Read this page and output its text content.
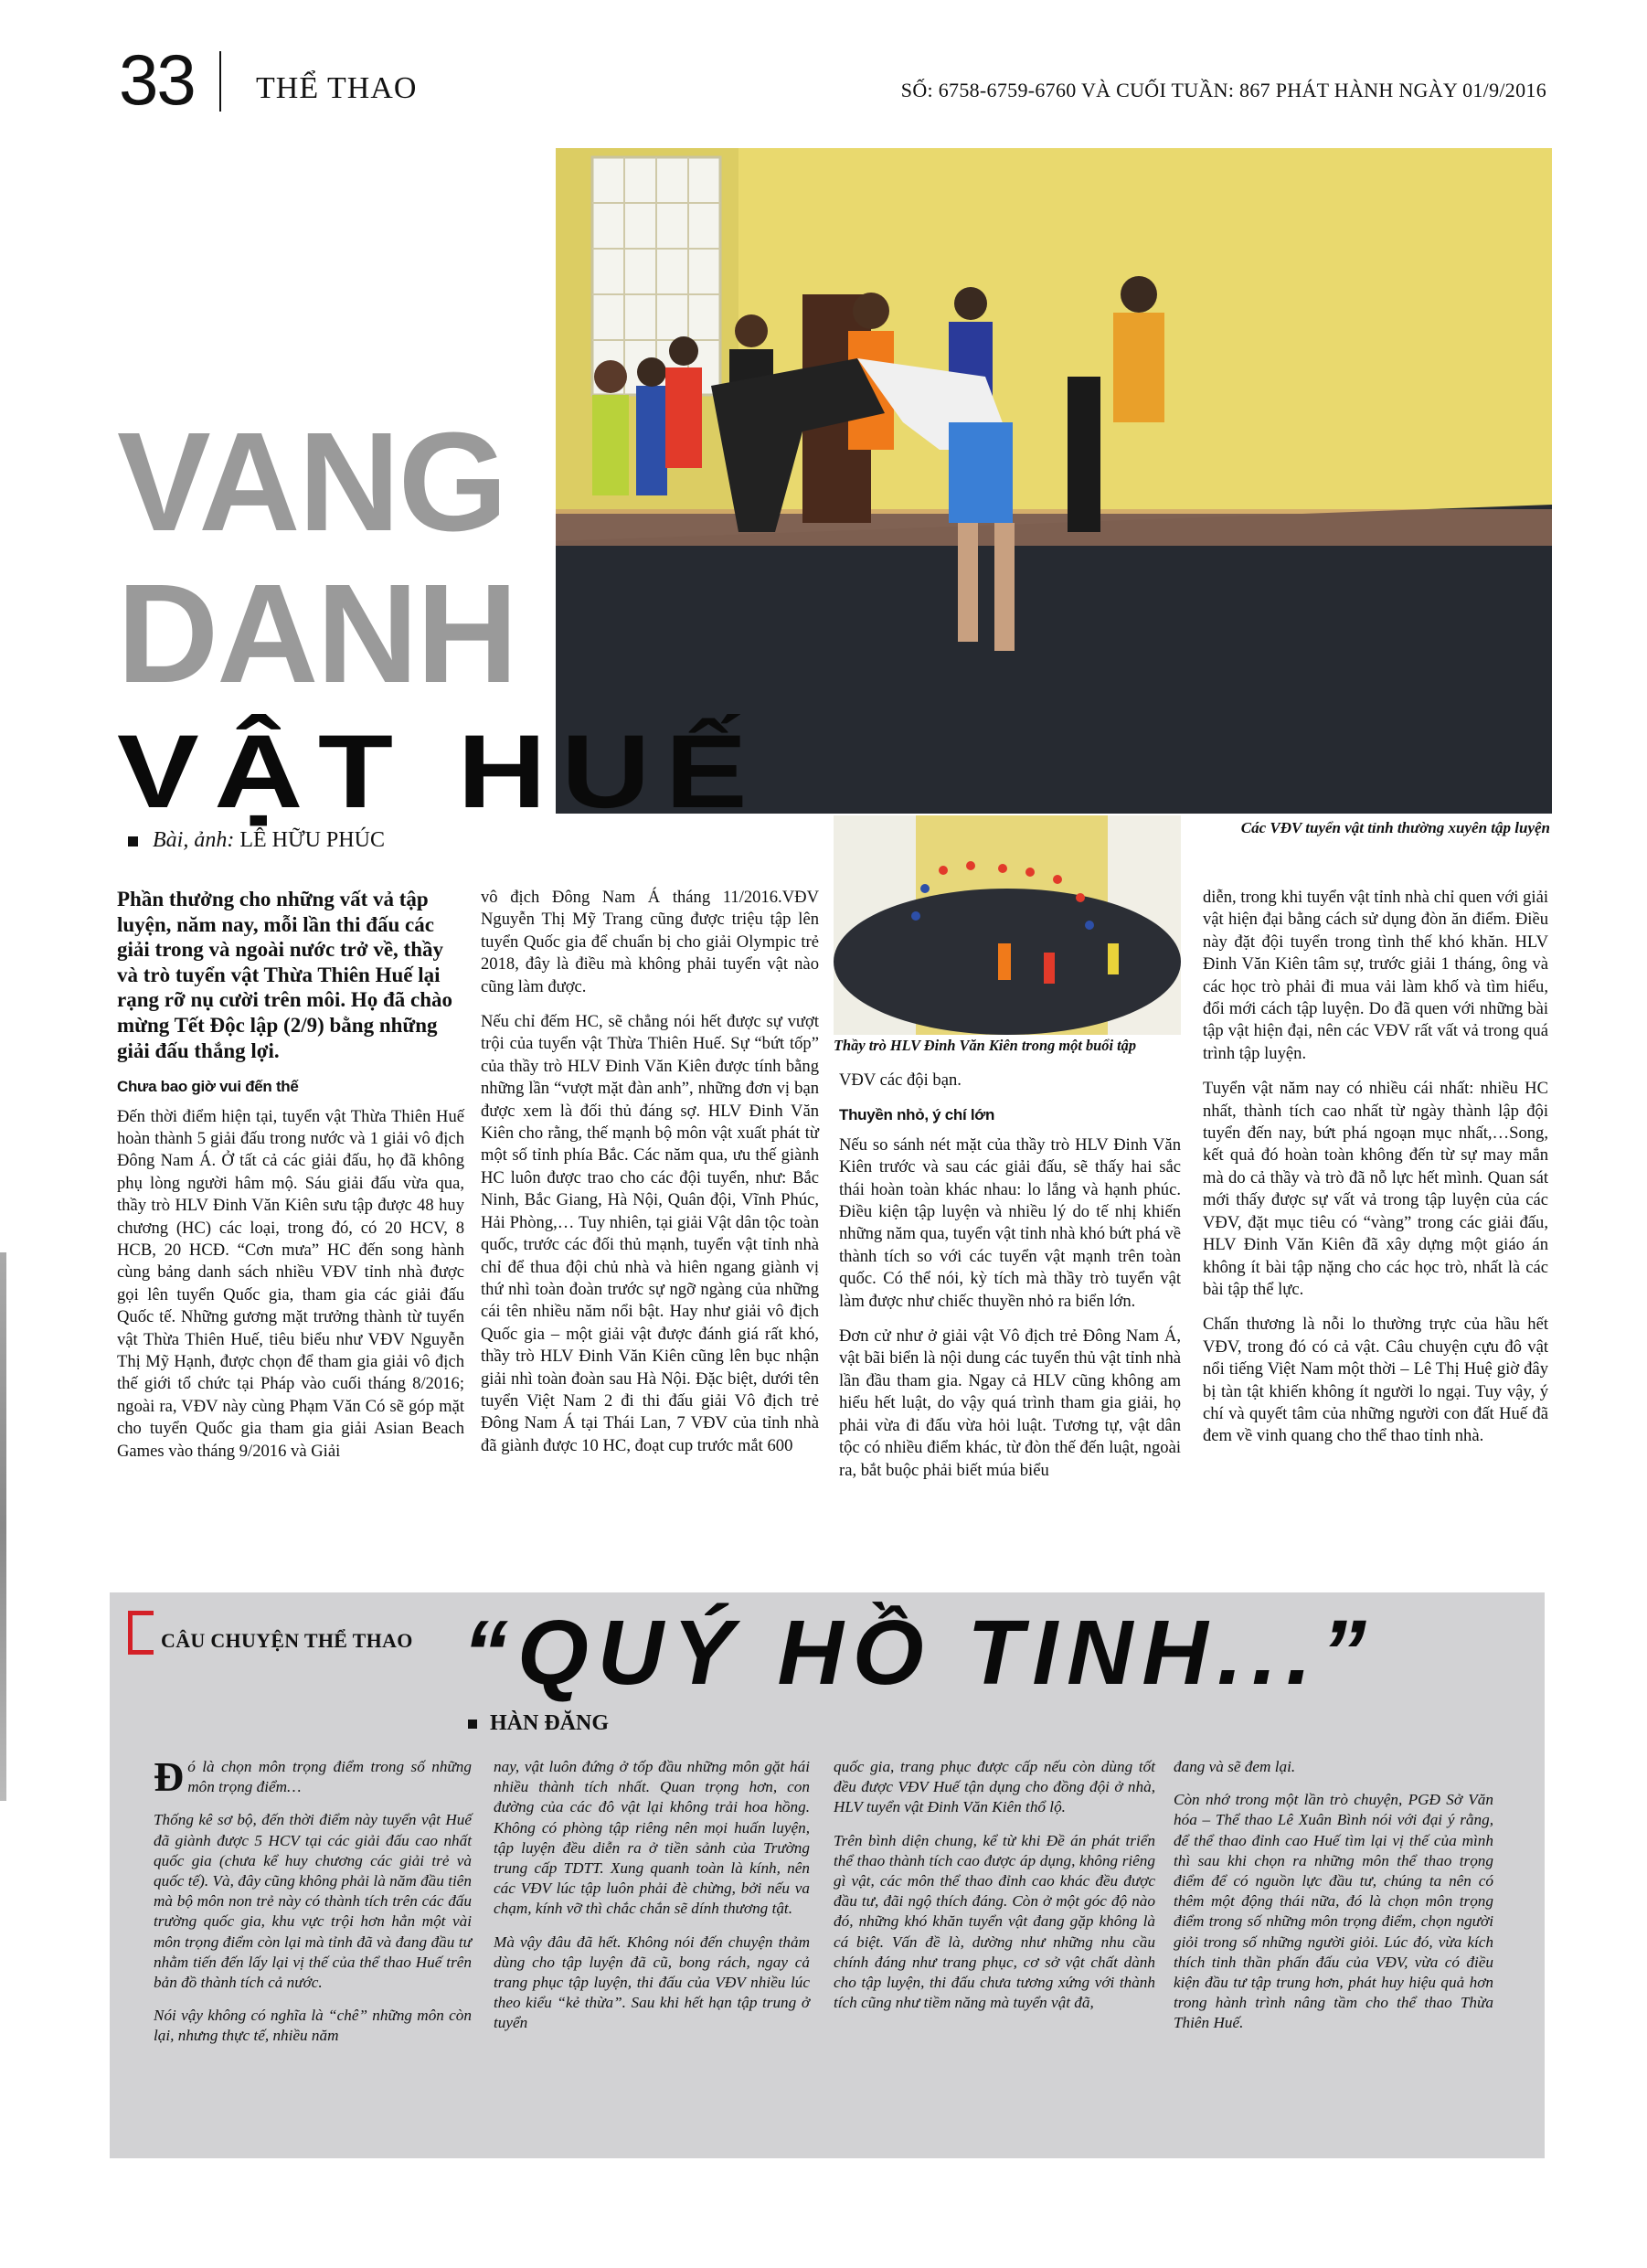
33 THỂ THAO	SỐ: 6758-6759-6760 VÀ CUỐI TUẦN: 867 PHÁT HÀNH NGÀY 01/9/2016
Các VĐV tuyển vật tỉnh thường xuyên tập luyện
VANG
DANH
VẬT HUẾ
Bài, ảnh: LÊ HỮU PHÚC
Thầy trò HLV Đinh Văn Kiên trong một buổi tập

Phần thưởng cho những vất vả tập luyện, năm nay, mỗi lần thi đấu các giải trong và ngoài nước trở về, thầy và trò tuyển vật Thừa Thiên Huế lại rạng rỡ nụ cười trên môi. Họ đã chào mừng Tết Độc lập (2/9) bằng những giải đấu thắng lợi.

Chưa bao giờ vui đến thế

Đến thời điểm hiện tại, tuyển vật Thừa Thiên Huế hoàn thành 5 giải đấu trong nước và 1 giải vô địch Đông Nam Á. Ở tất cả các giải đấu, họ đã không phụ lòng người hâm mộ. Sáu giải đấu vừa qua, thầy trò HLV Đinh Văn Kiên sưu tập được 48 huy chương (HC) các loại, trong đó, có 20 HCV, 8 HCB, 20 HCĐ. “Cơn mưa” HC đến song hành cùng bảng danh sách nhiều VĐV tỉnh nhà được gọi lên tuyển Quốc gia, tham gia các giải đấu Quốc tế. Những gương mặt trưởng thành từ tuyển vật Thừa Thiên Huế, tiêu biểu như VĐV Nguyễn Thị Mỹ Hạnh, được chọn để tham gia giải vô địch thế giới tổ chức tại Pháp vào cuối tháng 8/2016; ngoài ra, VĐV này cùng Phạm Văn Có sẽ góp mặt cho tuyển Quốc gia tham gia giải Asian Beach Games vào tháng 9/2016 và Giải

vô địch Đông Nam Á tháng 11/2016.VĐV Nguyễn Thị Mỹ Trang cũng được triệu tập lên tuyển Quốc gia để chuẩn bị cho giải Olympic trẻ 2018, đây là điều mà không phải tuyển vật nào cũng làm được.

Nếu chỉ đếm HC, sẽ chẳng nói hết được sự vượt trội của tuyển vật Thừa Thiên Huế. Sự “bứt tốp” của thầy trò HLV Đinh Văn Kiên được tính bằng những lần “vượt mặt đàn anh”, những đơn vị bạn được xem là đối thủ đáng sợ. HLV Đinh Văn Kiên cho rằng, thế mạnh bộ môn vật xuất phát từ một số tỉnh phía Bắc. Các năm qua, ưu thế giành HC luôn được trao cho các đội tuyển, như: Bắc Ninh, Bắc Giang, Hà Nội, Quân đội, Vĩnh Phúc, Hải Phòng,… Tuy nhiên, tại giải Vật dân tộc toàn quốc, trước các đối thủ mạnh, tuyển vật tỉnh nhà chỉ để thua đội chủ nhà và hiên ngang giành vị thứ nhì toàn đoàn trước sự ngỡ ngàng của những cái tên nhiều năm nổi bật. Hay như giải vô địch Quốc gia – một giải vật được đánh giá rất khó, thầy trò HLV Đinh Văn Kiên cũng lên bục nhận giải nhì toàn đoàn sau Hà Nội. Đặc biệt, dưới tên tuyển Việt Nam 2 đi thi đấu giải Vô địch trẻ Đông Nam Á tại Thái Lan, 7 VĐV của tỉnh nhà đã giành được 10 HC, đoạt cup trước mắt 600

VĐV các đội bạn.

Thuyền nhỏ, ý chí lớn

Nếu so sánh nét mặt của thầy trò HLV Đinh Văn Kiên trước và sau các giải đấu, sẽ thấy hai sắc thái hoàn toàn khác nhau: lo lắng và hạnh phúc. Điều kiện tập luyện và nhiều lý do tế nhị khiến những năm qua, tuyển vật tỉnh nhà khó bứt phá về thành tích so với các tuyển vật mạnh trên toàn quốc. Có thể nói, kỳ tích mà thầy trò tuyển vật làm được như chiếc thuyền nhỏ ra biển lớn.

Đơn cử như ở giải vật Vô địch trẻ Đông Nam Á, vật bãi biển là nội dung các tuyển thủ vật tỉnh nhà lần đầu tham gia. Ngay cả HLV cũng không am hiểu hết luật, do vậy quá trình tham gia giải, họ phải vừa đi đấu vừa hỏi luật. Tương tự, vật dân tộc có nhiều điểm khác, từ đòn thế đến luật, ngoài ra, bắt buộc phải biết múa biểu

diễn, trong khi tuyển vật tỉnh nhà chỉ quen với giải vật hiện đại bằng cách sử dụng đòn ăn điểm. Điều này đặt đội tuyển trong tình thế khó khăn. HLV Đinh Văn Kiên tâm sự, trước giải 1 tháng, ông và các học trò phải đi mua vải làm khố và tìm hiểu, đổi mới cách tập luyện. Do đã quen với những bài tập vật hiện đại, nên các VĐV rất vất vả trong quá trình tập luyện.

Tuyển vật năm nay có nhiều cái nhất: nhiều HC nhất, thành tích cao nhất từ ngày thành lập đội tuyển đến nay, bứt phá ngoạn mục nhất,…Song, kết quả đó hoàn toàn không đến từ sự may mắn mà do cả thầy và trò đã nỗ lực hết mình. Quan sát mới thấy được sự vất vả trong tập luyện của các VĐV, đặt mục tiêu có “vàng” trong các giải đấu, HLV Đinh Văn Kiên đã xây dựng một giáo án không ít bài tập nặng cho các học trò, nhất là các bài tập thể lực.

Chấn thương là nỗi lo thường trực của hầu hết VĐV, trong đó có cả vật. Câu chuyện cựu đô vật nổi tiếng Việt Nam một thời – Lê Thị Huệ giờ đây bị tàn tật khiến không ít người lo ngại. Tuy vậy, ý chí và quyết tâm của những người con đất Huế đã đem về vinh quang cho thể thao tỉnh nhà.

CÂU CHUYỆN THỂ THAO “QUÝ HỒ TINH...”
HÀN ĐĂNG

Đó là chọn môn trọng điểm trong số những môn trọng điểm…

Thống kê sơ bộ, đến thời điểm này tuyển vật Huế đã giành được 5 HCV tại các giải đấu cao nhất quốc gia (chưa kể huy chương các giải trẻ và quốc tế). Và, đây cũng không phải là năm đầu tiên mà bộ môn non trẻ này có thành tích trên các đấu trường quốc gia, khu vực trội hơn hẳn một vài môn trọng điểm còn lại mà tỉnh đã và đang đầu tư nhằm tiến đến lấy lại vị thế của thể thao Huế trên bản đồ thành tích cả nước.

Nói vậy không có nghĩa là “chê” những môn còn lại, nhưng thực tế, nhiều năm

nay, vật luôn đứng ở tốp đầu những môn gặt hái nhiều thành tích nhất. Quan trọng hơn, con đường của các đô vật lại không trải hoa hồng. Không có phòng tập riêng nên mọi huấn luyện, tập luyện đều diễn ra ở tiền sảnh của Trường trung cấp TDTT. Xung quanh toàn là kính, nên các VĐV lúc tập luôn phải đè chừng, bởi nếu va chạm, kính vỡ thì chắc chắn sẽ dính thương tật.

Mà vậy đâu đã hết. Không nói đến chuyện thảm dùng cho tập luyện đã cũ, bong rách, ngay cả trang phục tập luyện, thi đấu của VĐV nhiều lúc theo kiểu “kẻ thừa”. Sau khi hết hạn tập trung ở tuyển

quốc gia, trang phục được cấp nếu còn dùng tốt đều được VĐV Huế tận dụng cho đồng đội ở nhà, HLV tuyển vật Đinh Văn Kiên thổ lộ.

Trên bình diện chung, kể từ khi Đề án phát triển thể thao thành tích cao được áp dụng, không riêng gì vật, các môn thể thao đỉnh cao khác đều được đầu tư, đãi ngộ thích đáng. Còn ở một góc độ nào đó, những khó khăn tuyển vật đang gặp không là cá biệt. Vấn đề là, dường như những nhu cầu chính đáng như trang phục, cơ sở vật chất dành cho tập luyện, thi đấu chưa tương xứng với thành tích cũng như tiềm năng mà tuyển vật đã,

đang và sẽ đem lại.

Còn nhớ trong một lần trò chuyện, PGĐ Sở Văn hóa – Thể thao Lê Xuân Bình nói với đại ý rằng, để thể thao đỉnh cao Huế tìm lại vị thế của mình thì sau khi chọn ra những môn thể thao trọng điểm để có nguồn lực đầu tư, chúng ta nên có thêm một động thái nữa, đó là chọn môn trọng điểm trong số những môn trọng điểm, chọn người giỏi trong số những người giỏi. Lúc đó, vừa kích thích tinh thần phấn đấu của VĐV, vừa có điều kiện đầu tư tập trung hơn, phát huy hiệu quả hơn trong hành trình nâng tầm cho thể thao Thừa Thiên Huế.
